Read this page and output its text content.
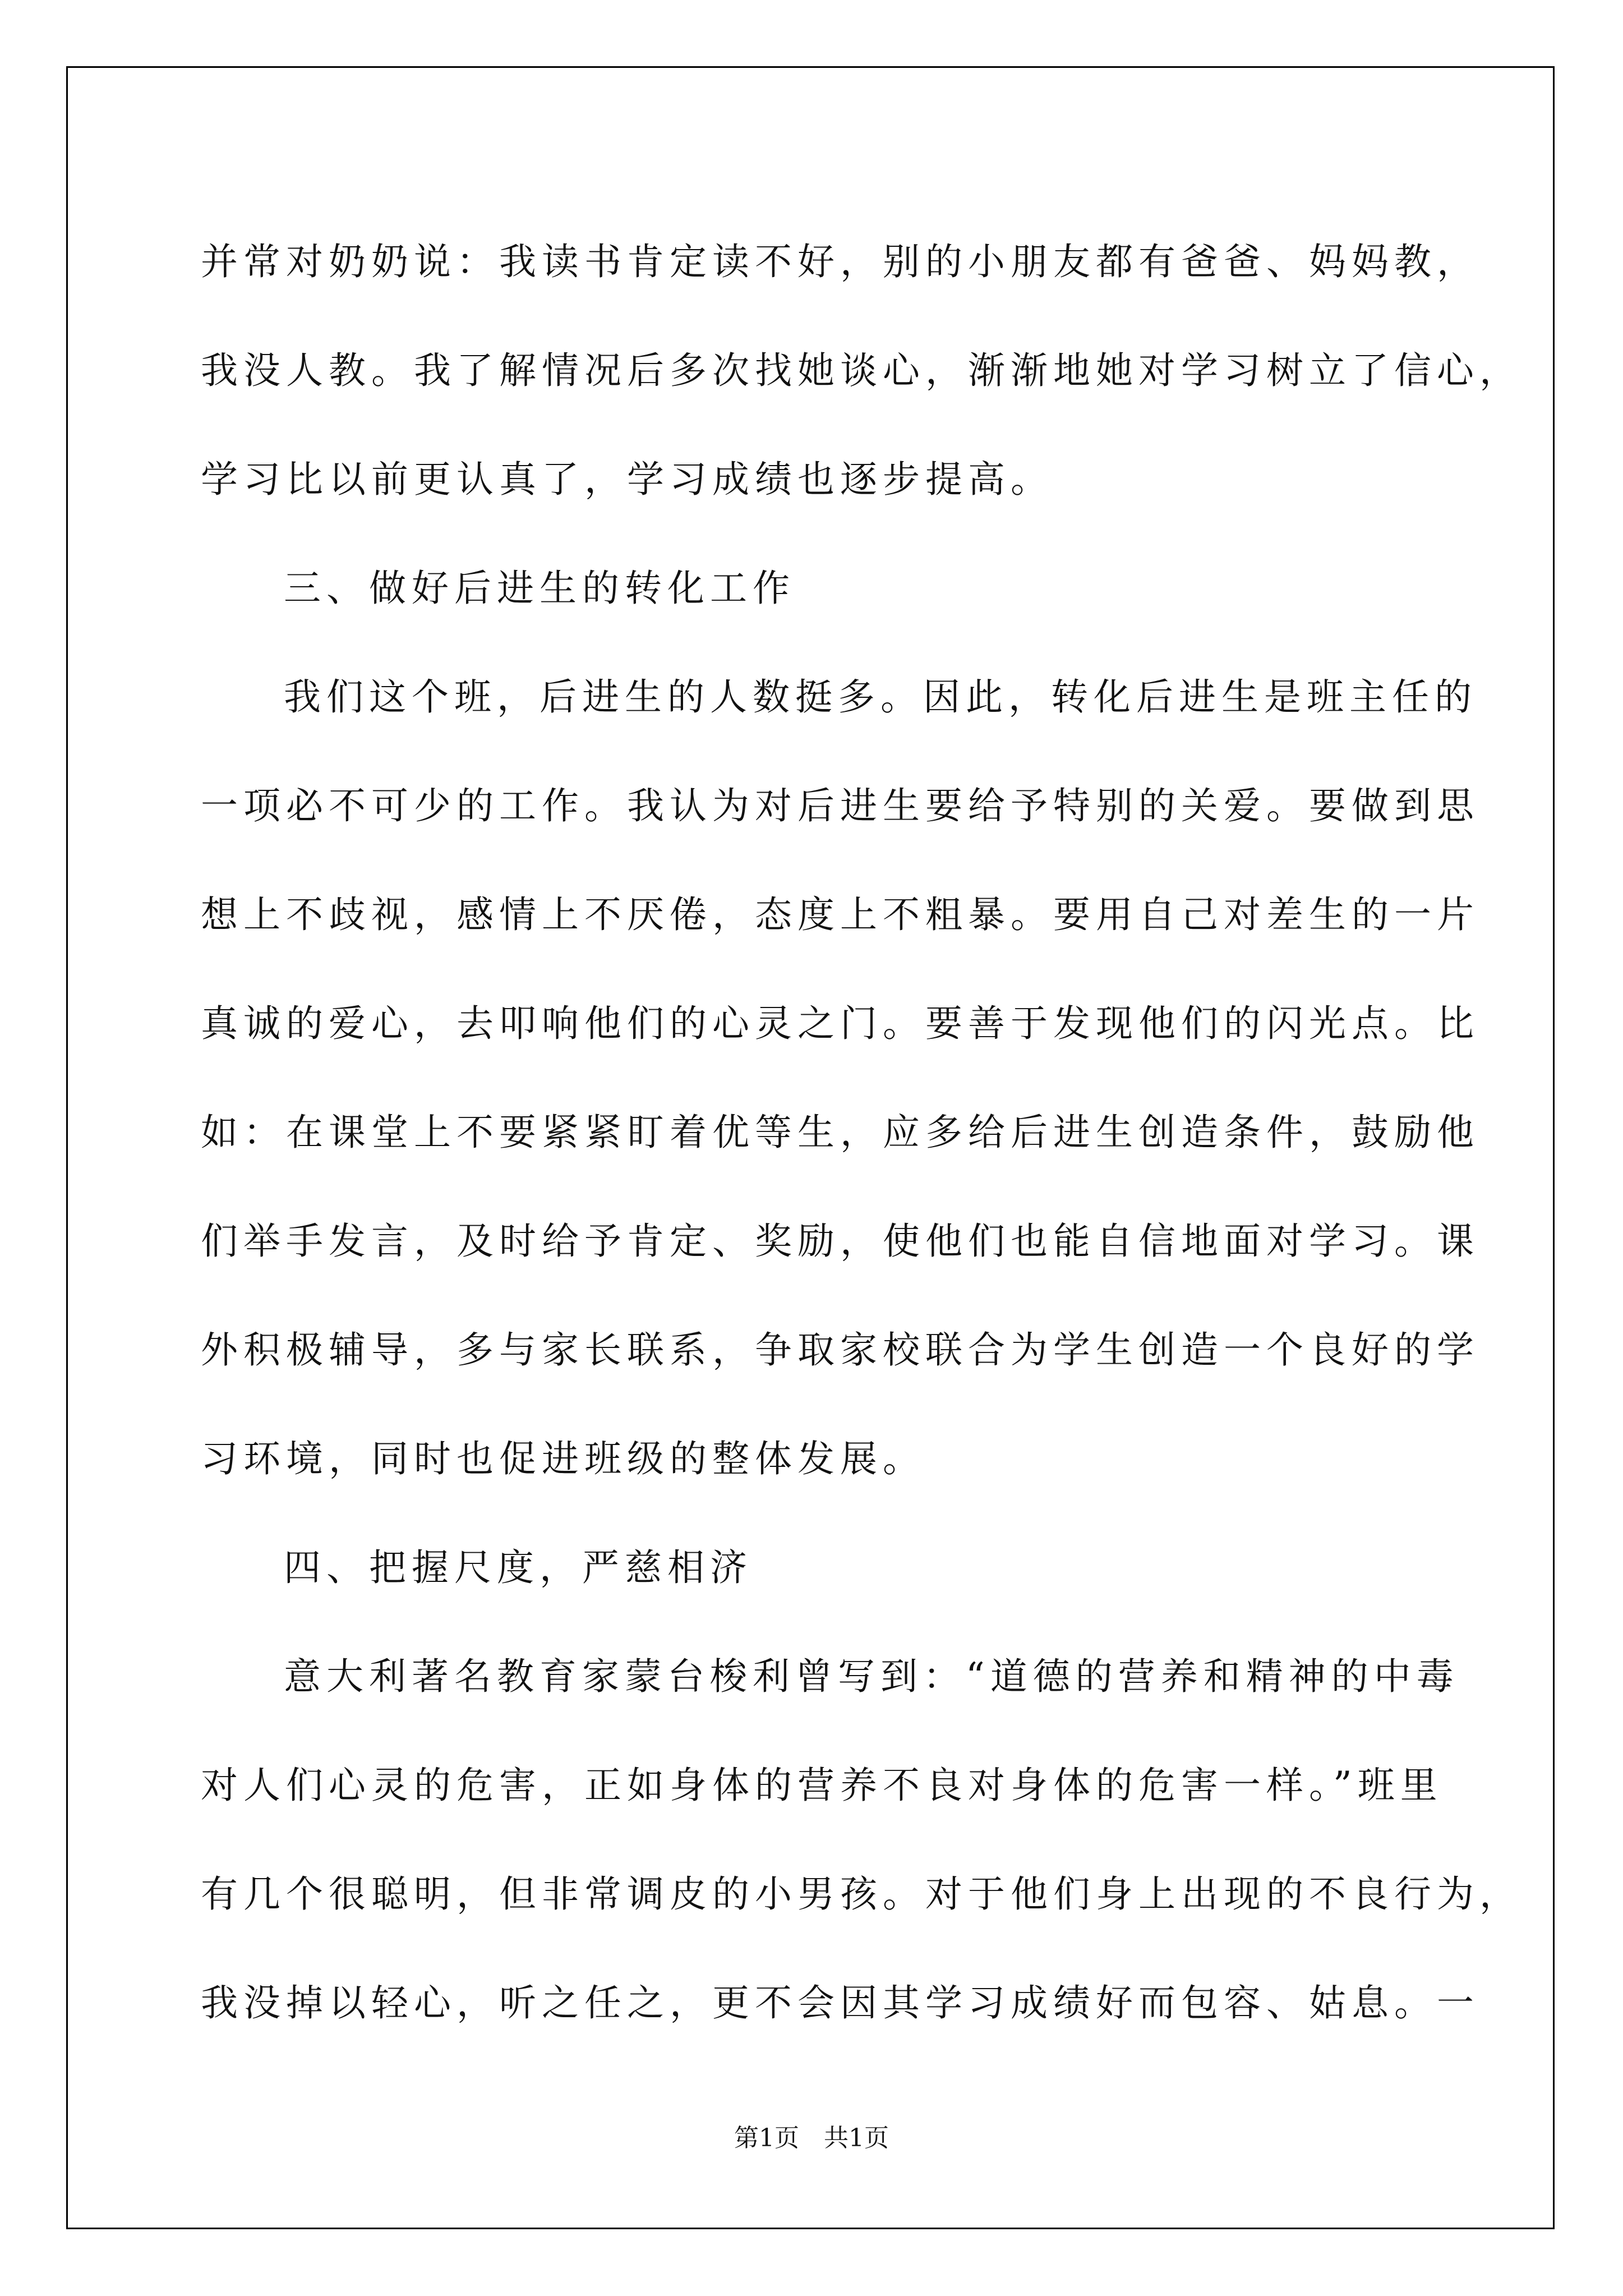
并常对奶奶说：我读书肯定读不好，别的小朋友都有爸爸、妈妈教，
我没人教。我了解情况后多次找她谈心，渐渐地她对学习树立了信心，
学习比以前更认真了，学习成绩也逐步提高。
三、做好后进生的转化工作
我们这个班，后进生的人数挺多。因此，转化后进生是班主任的
一项必不可少的工作。我认为对后进生要给予特别的关爱。要做到思
想上不歧视，感情上不厌倦，态度上不粗暴。要用自己对差生的一片
真诚的爱心，去叩响他们的心灵之门。要善于发现他们的闪光点。比
如：在课堂上不要紧紧盯着优等生，应多给后进生创造条件，鼓励他
们举手发言，及时给予肯定、奖励，使他们也能自信地面对学习。课
外积极辅导，多与家长联系，争取家校联合为学生创造一个良好的学
习环境，同时也促进班级的整体发展。
四、把握尺度，严慈相济
意大利著名教育家蒙台梭利曾写到：“道德的营养和精神的中毒
对人们心灵的危害，正如身体的营养不良对身体的危害一样。”班里
有几个很聪明，但非常调皮的小男孩。对于他们身上出现的不良行为，
我没掉以轻心，听之任之，更不会因其学习成绩好而包容、姑息。一
第1页 共1页
